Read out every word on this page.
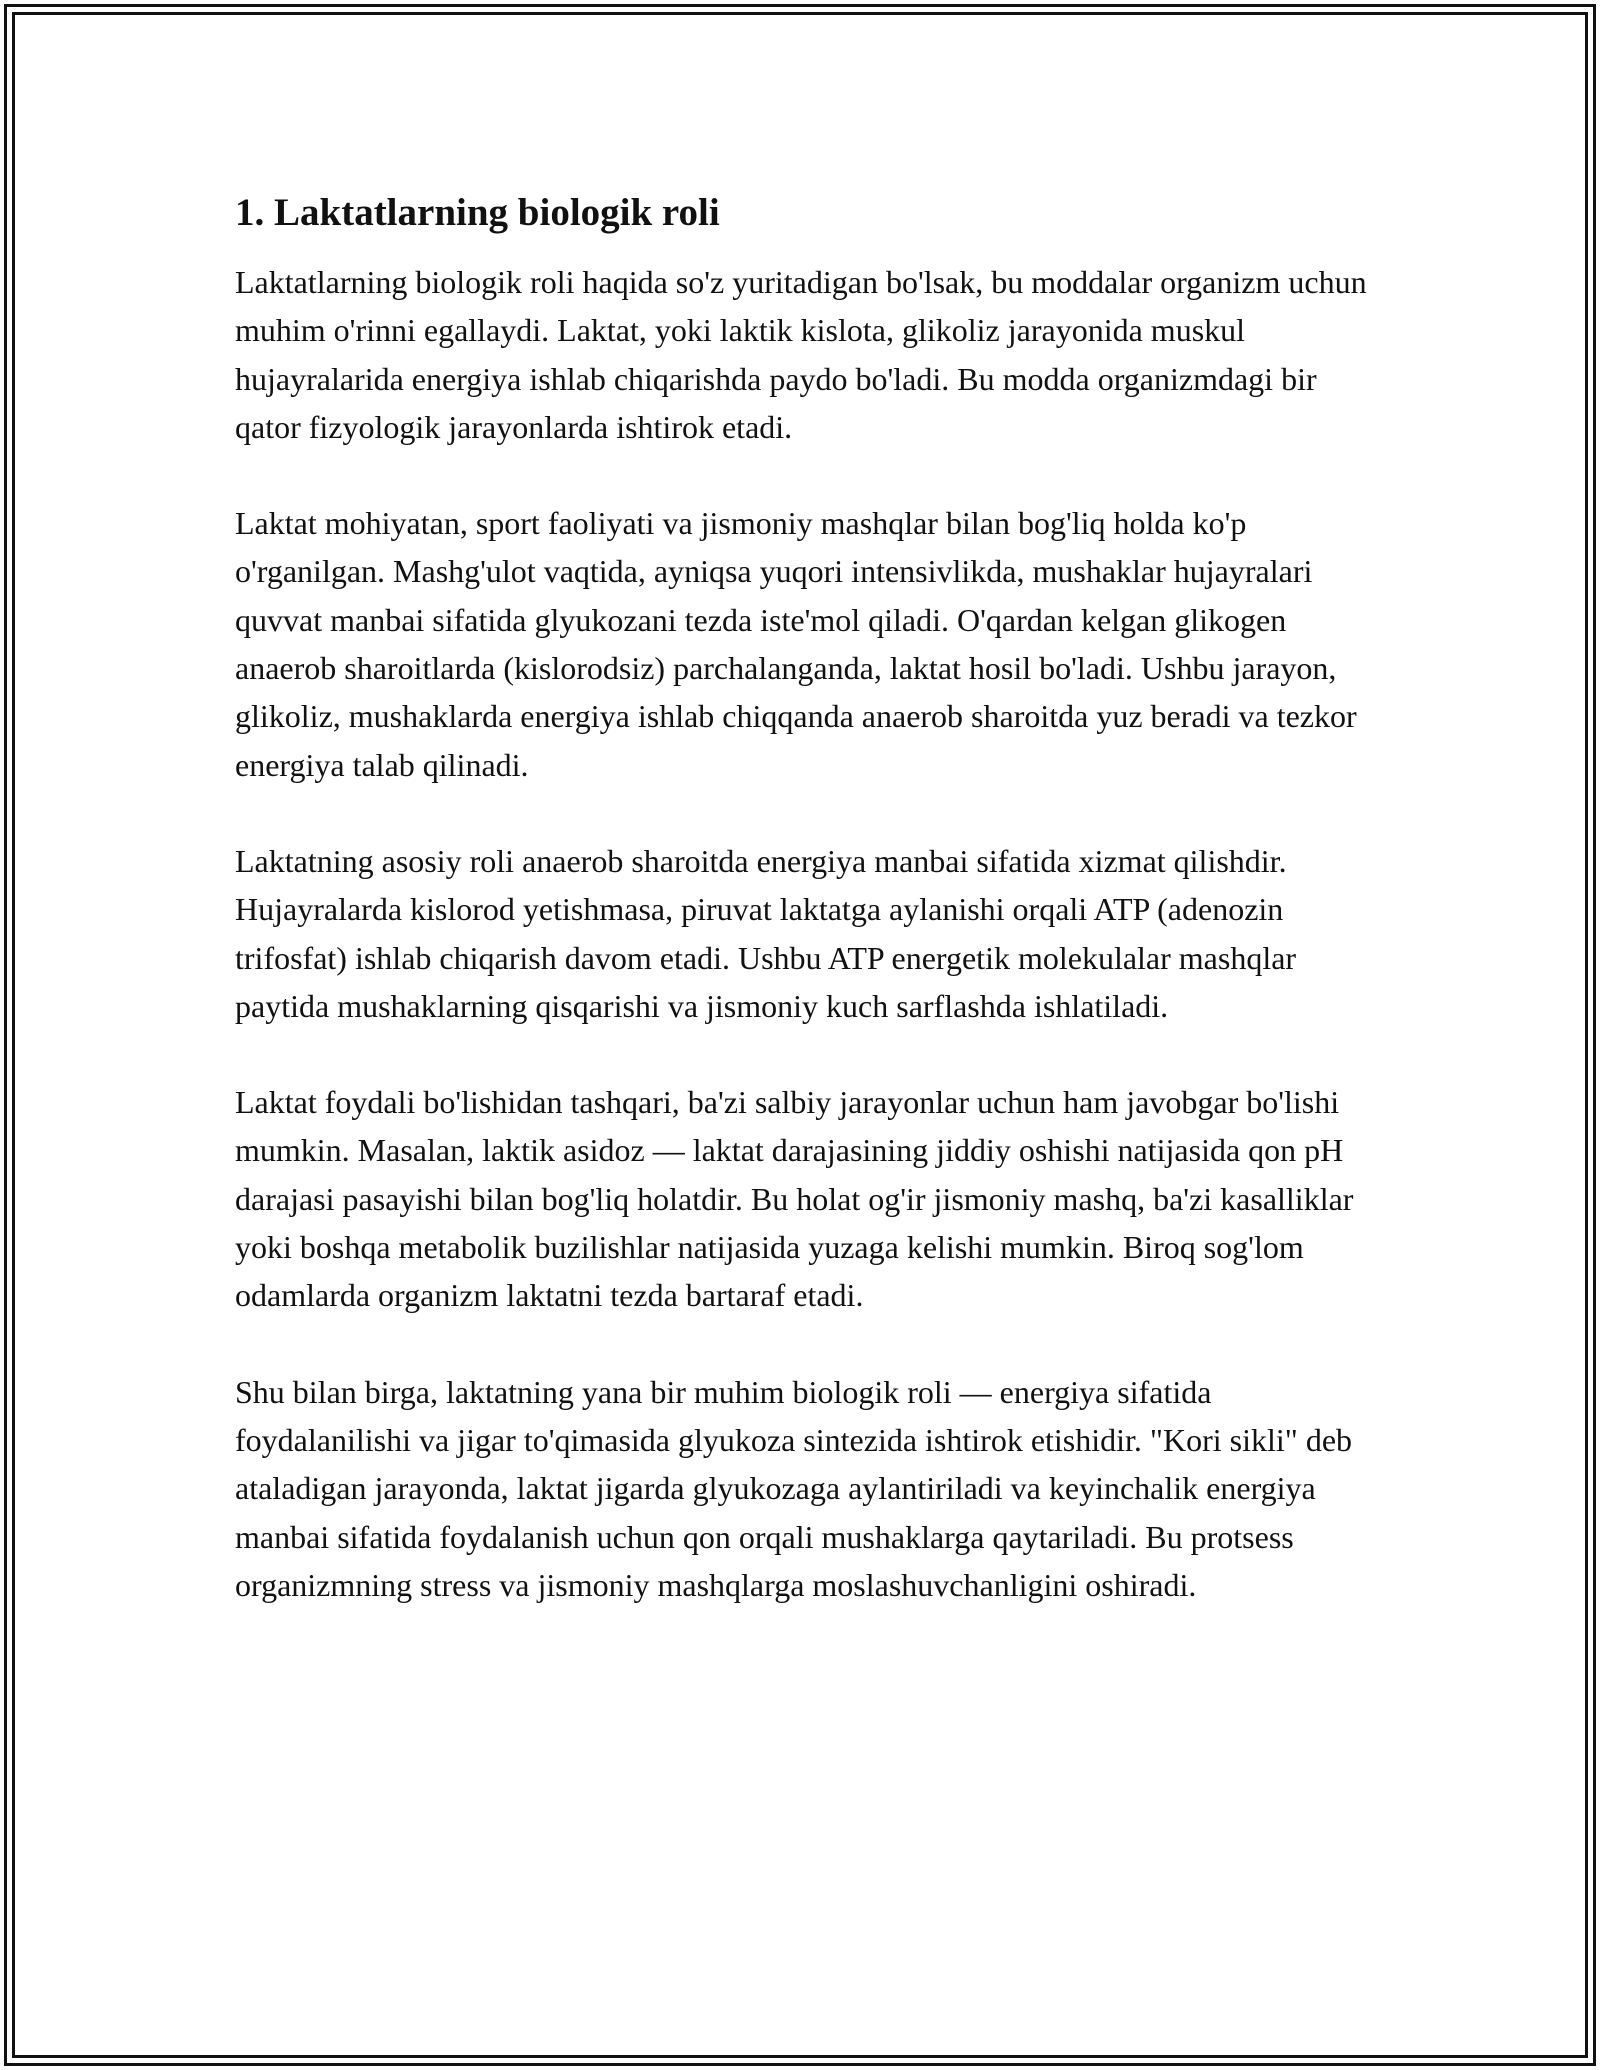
1. Laktatlarning biologik roli

Laktatlarning biologik roli haqida so'z yuritadigan bo'lsak, bu moddalar organizm uchun muhim o'rinni egallaydi. Laktat, yoki laktik kislota, glikoliz jarayonida muskul hujayralarida energiya ishlab chiqarishda paydo bo'ladi. Bu modda organizmdagi bir qator fizyologik jarayonlarda ishtirok etadi.

Laktat mohiyatan, sport faoliyati va jismoniy mashqlar bilan bog'liq holda ko'p o'rganilgan. Mashg'ulot vaqtida, ayniqsa yuqori intensivlikda, mushaklar hujayralari quvvat manbai sifatida glyukozani tezda iste'mol qiladi. O'qardan kelgan glikogen anaerob sharoitlarda (kislorodsiz) parchalanganda, laktat hosil bo'ladi. Ushbu jarayon, glikoliz, mushaklarda energiya ishlab chiqqanda anaerob sharoitda yuz beradi va tezkor energiya talab qilinadi.

Laktatning asosiy roli anaerob sharoitda energiya manbai sifatida xizmat qilishdir. Hujayralarda kislorod yetishmasa, piruvat laktatga aylanishi orqali ATP (adenozin trifosfat) ishlab chiqarish davom etadi. Ushbu ATP energetik molekulalar mashqlar paytida mushaklarning qisqarishi va jismoniy kuch sarflashda ishlatiladi.

Laktat foydali bo'lishidan tashqari, ba'zi salbiy jarayonlar uchun ham javobgar bo'lishi mumkin. Masalan, laktik asidoz — laktat darajasining jiddiy oshishi natijasida qon pH darajasi pasayishi bilan bog'liq holatdir. Bu holat og'ir jismoniy mashq, ba'zi kasalliklar yoki boshqa metabolik buzilishlar natijasida yuzaga kelishi mumkin. Biroq sog'lom odamlarda organizm laktatni tezda bartaraf etadi.

Shu bilan birga, laktatning yana bir muhim biologik roli — energiya sifatida foydalanilishi va jigar to'qimasida glyukoza sintezida ishtirok etishidir. "Kori sikli" deb ataladigan jarayonda, laktat jigarda glyukozaga aylantiriladi va keyinchalik energiya manbai sifatida foydalanish uchun qon orqali mushaklarga qaytariladi. Bu protsess organizmning stress va jismoniy mashqlarga moslashuvchanligini oshiradi.
